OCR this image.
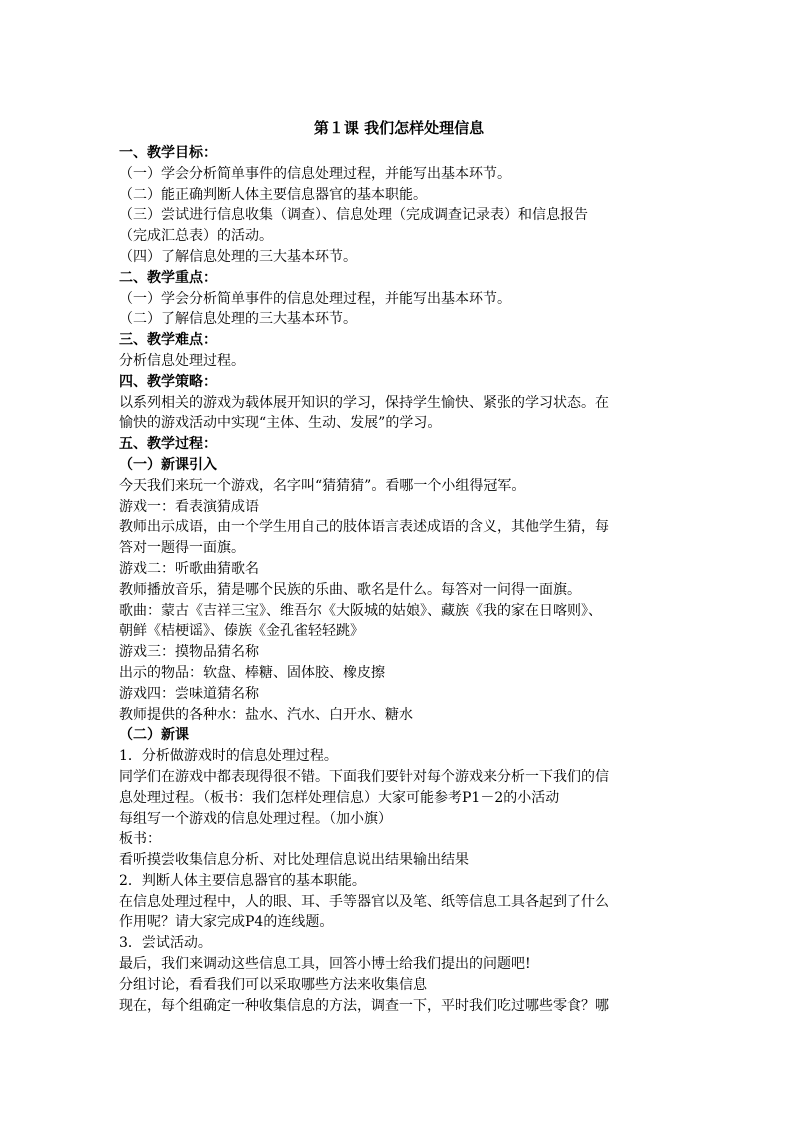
第１课 我们怎样处理信息

一、教学目标：

（一）学会分析简单事件的信息处理过程，并能写出基本环节。

（二）能正确判断人体主要信息器官的基本职能。

（三）尝试进行信息收集（调查）、信息处理（完成调查记录表）和信息报告

（完成汇总表）的活动。

（四）了解信息处理的三大基本环节。

二、教学重点：

（一）学会分析简单事件的信息处理过程，并能写出基本环节。

（二）了解信息处理的三大基本环节。

三、教学难点：

分析信息处理过程。

四、教学策略：

以系列相关的游戏为载体展开知识的学习，保持学生愉快、紧张的学习状态。在

愉快的游戏活动中实现“主体、生动、发展”的学习。

五、教学过程：

（一）新课引入

今天我们来玩一个游戏，名字叫“猜猜猜”。看哪一个小组得冠军。

游戏一：看表演猜成语

教师出示成语，由一个学生用自己的肢体语言表述成语的含义，其他学生猜，每

答对一题得一面旗。

游戏二：听歌曲猜歌名

教师播放音乐，猜是哪个民族的乐曲、歌名是什么。每答对一问得一面旗。

歌曲：蒙古《吉祥三宝》、维吾尔《大阪城的姑娘》、藏族《我的家在日喀则》、

朝鲜《桔梗谣》、傣族《金孔雀轻轻跳》

游戏三：摸物品猜名称

出示的物品：软盘、棒糖、固体胶、橡皮擦

游戏四：尝味道猜名称

教师提供的各种水：盐水、汽水、白开水、糖水

（二）新课

1．分析做游戏时的信息处理过程。

同学们在游戏中都表现得很不错。下面我们要针对每个游戏来分析一下我们的信

息处理过程。（板书：我们怎样处理信息）大家可能参考P1－2的小活动

每组写一个游戏的信息处理过程。（加小旗）

板书：

看听摸尝收集信息分析、对比处理信息说出结果输出结果

2．判断人体主要信息器官的基本职能。

在信息处理过程中，人的眼、耳、手等器官以及笔、纸等信息工具各起到了什么

作用呢？请大家完成P4的连线题。

3．尝试活动。

最后，我们来调动这些信息工具，回答小博士给我们提出的问题吧!

分组讨论，看看我们可以采取哪些方法来收集信息

现在，每个组确定一种收集信息的方法，调查一下，平时我们吃过哪些零食？哪
